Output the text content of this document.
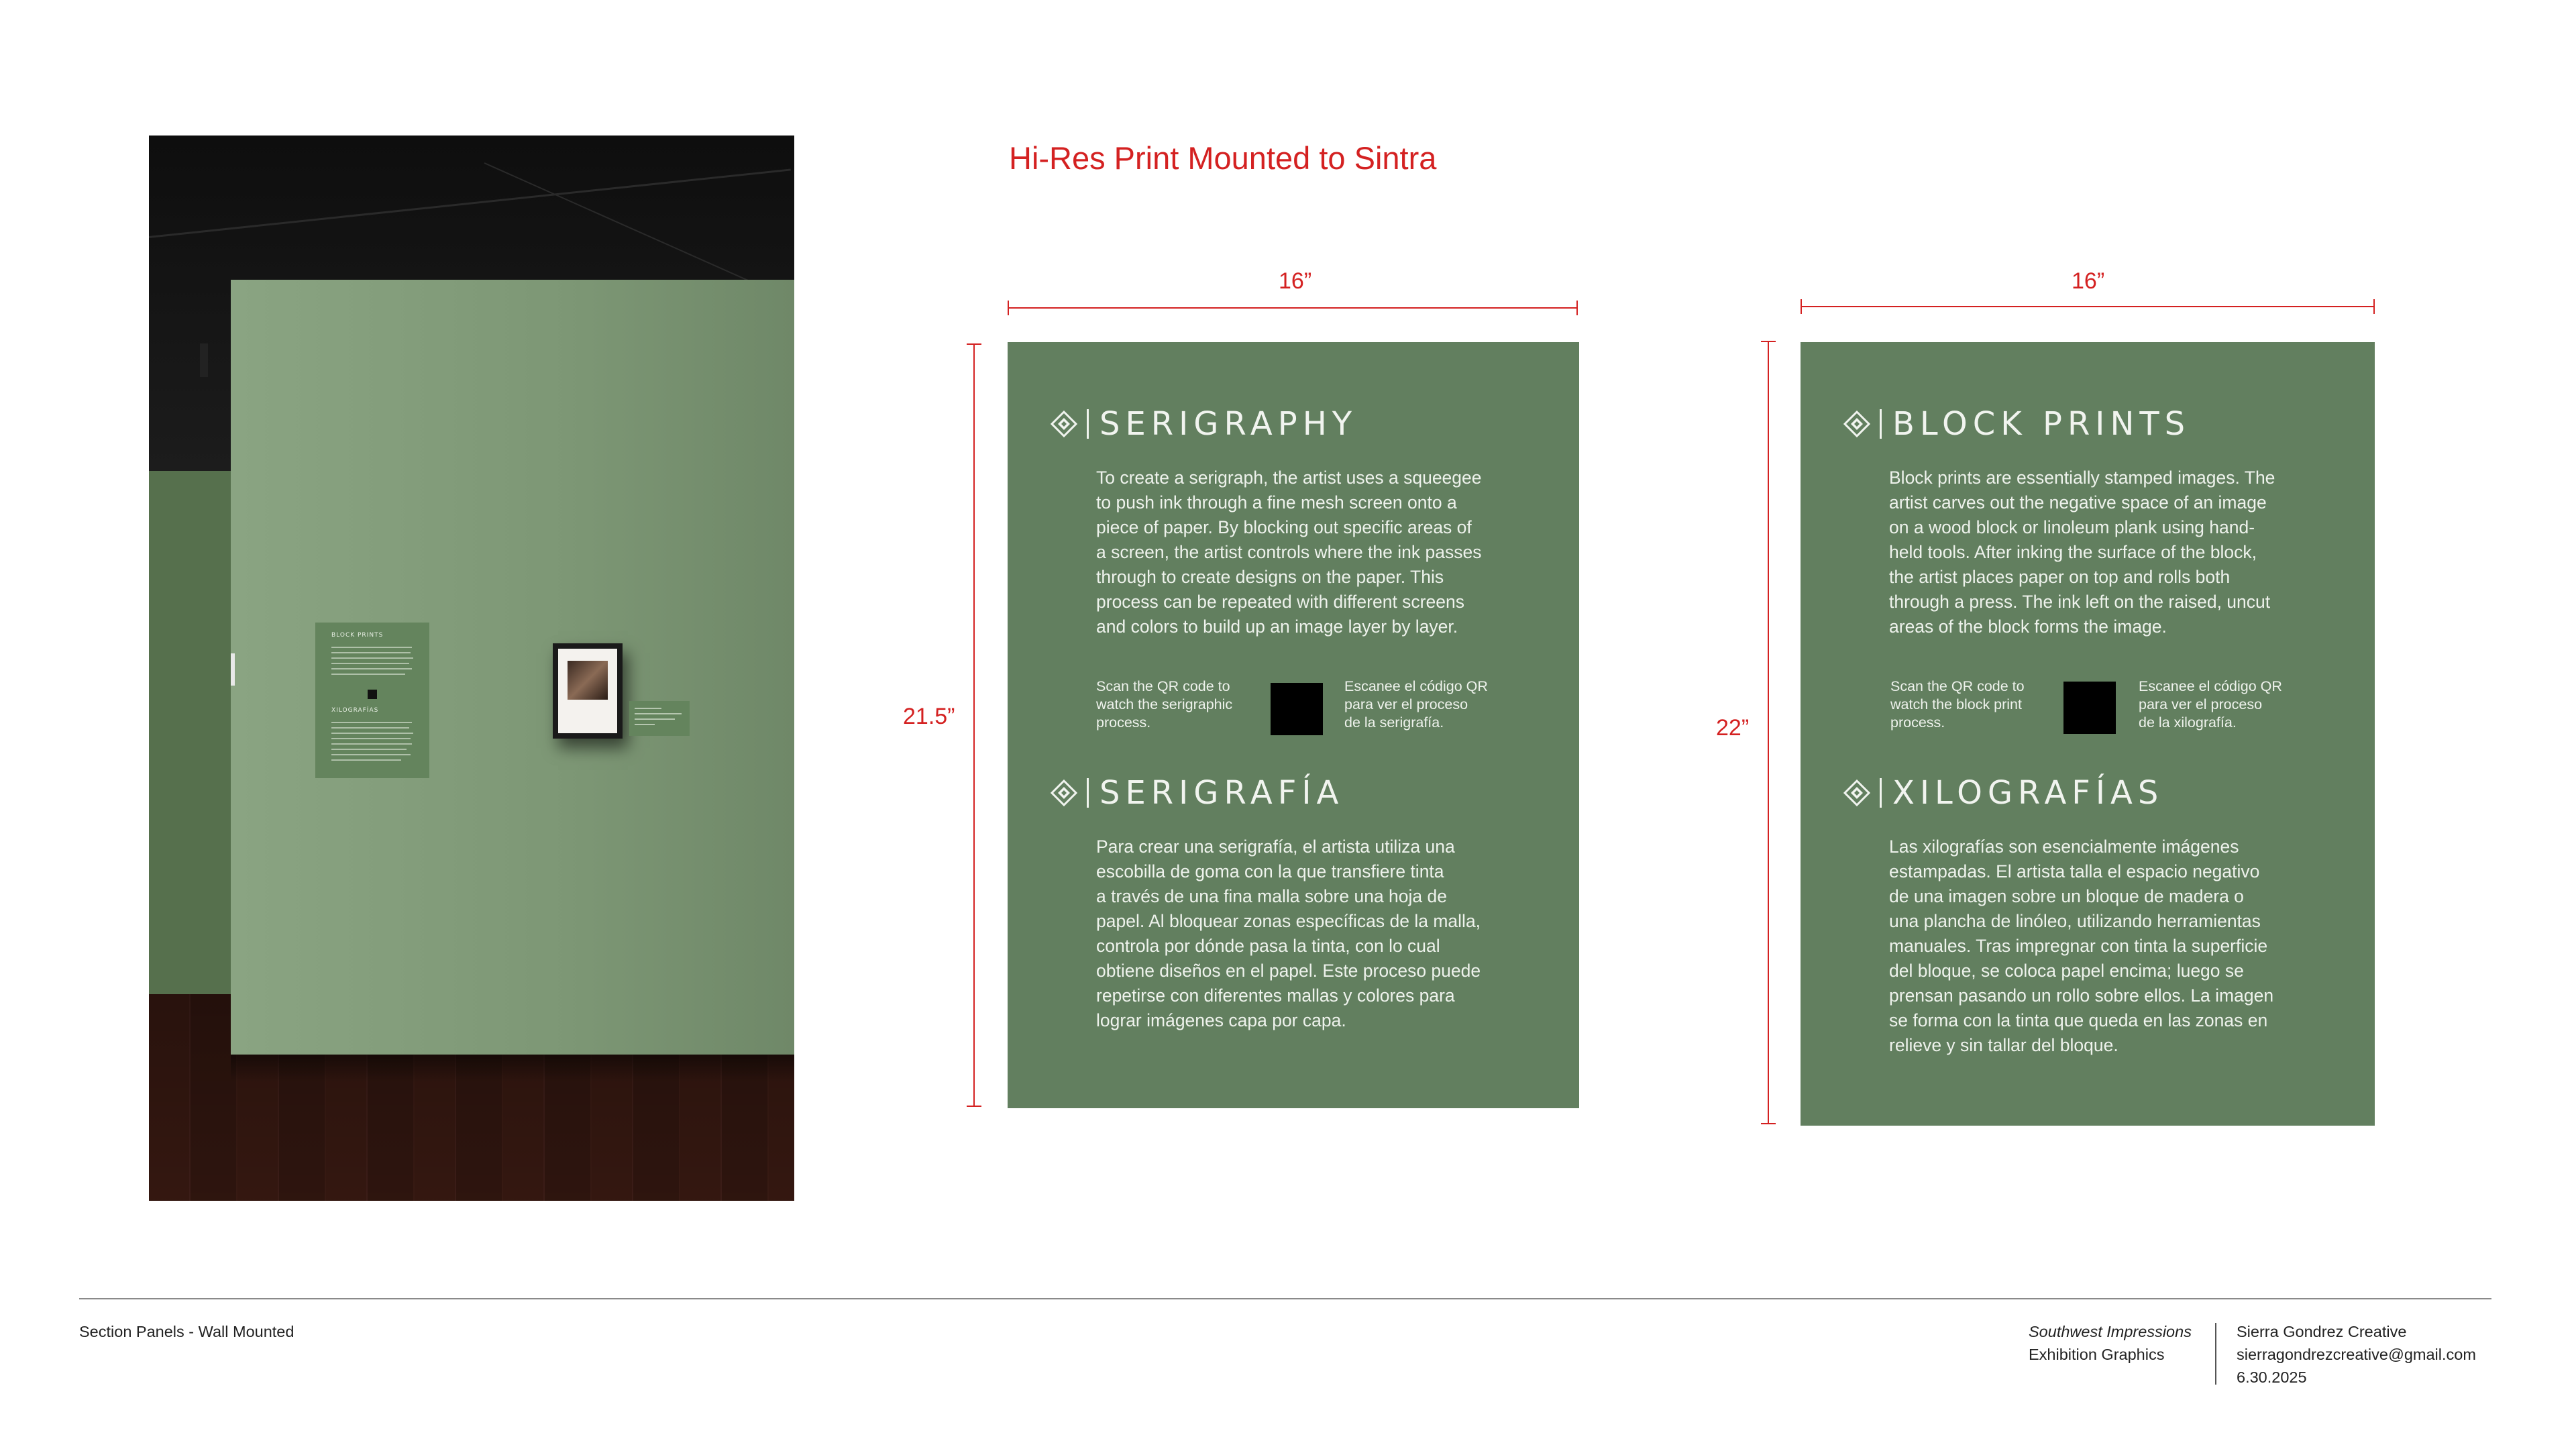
BLOCK PRINTS
XILOGRAFÍAS
Hi-Res Print Mounted to Sintra
16”
21.5”
16”
22”
SERIGRAPHY
To create a serigraph, the artist uses a squeegee
to push ink through a fine mesh screen onto a
piece of paper. By blocking out specific areas of
a screen, the artist controls where the ink passes
through to create designs on the paper. This
process can be repeated with different screens
and colors to build up an image layer by layer.
Scan the QR code to
watch the serigraphic
process.
Escanee el código QR
para ver el proceso
de la serigrafía.
SERIGRAFÍA
Para crear una serigrafía, el artista utiliza una
escobilla de goma con la que transfiere tinta
a través de una fina malla sobre una hoja de
papel. Al bloquear zonas específicas de la malla,
controla por dónde pasa la tinta, con lo cual
obtiene diseños en el papel. Este proceso puede
repetirse con diferentes mallas y colores para
lograr imágenes capa por capa.
BLOCK PRINTS
Block prints are essentially stamped images. The
artist carves out the negative space of an image
on a wood block or linoleum plank using hand-
held tools. After inking the surface of the block,
the artist places paper on top and rolls both
through a press. The ink left on the raised, uncut
areas of the block forms the image.
Scan the QR code to
watch the block print
process.
Escanee el código QR
para ver el proceso
de la xilografía.
XILOGRAFÍAS
Las xilografías son esencialmente imágenes
estampadas. El artista talla el espacio negativo
de una imagen sobre un bloque de madera o
una plancha de linóleo, utilizando herramientas
manuales. Tras impregnar con tinta la superficie
del bloque, se coloca papel encima; luego se
prensan pasando un rollo sobre ellos. La imagen
se forma con la tinta que queda en las zonas en
relieve y sin tallar del bloque.
Section Panels - Wall Mounted	Southwest Impressions
Exhibition Graphics
Sierra Gondrez Creative
sierragondrezcreative@gmail.com
6.30.2025
